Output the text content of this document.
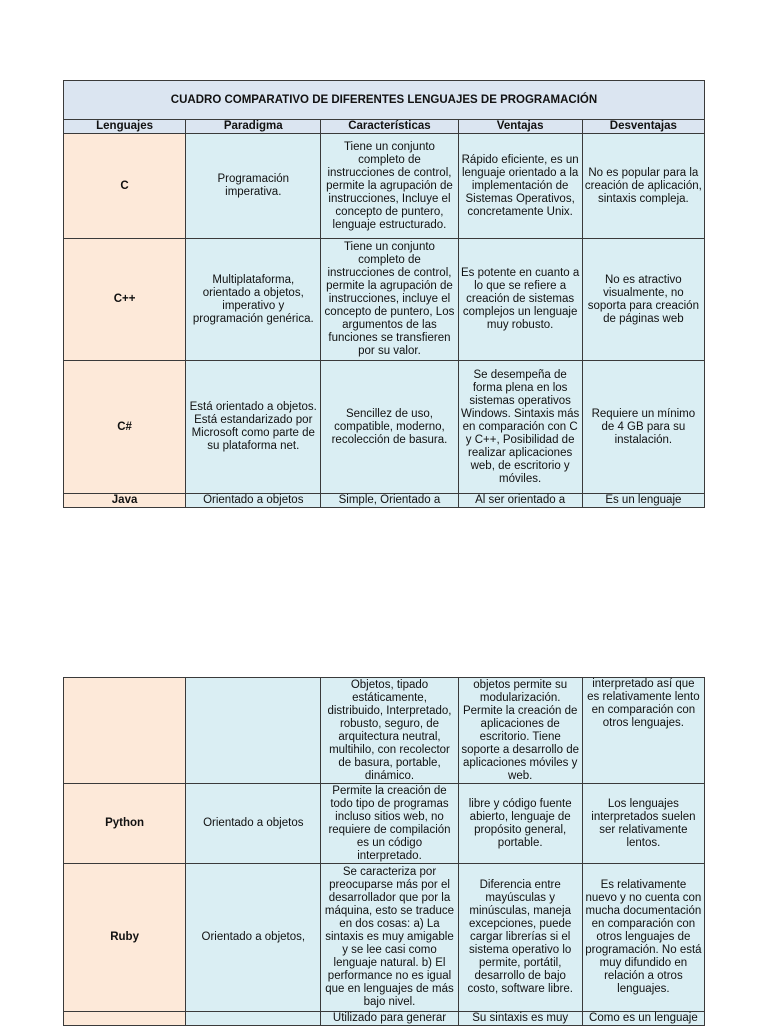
CUADRO COMPARATIVO DE DIFERENTES LENGUAJES DE PROGRAMACIÓN				
Lenguajes	Paradigma	Características	Ventajas	Desventajas
C	Programación imperativa.	Tiene un conjunto completo de instrucciones de control, permite la agrupación de instrucciones, Incluye el concepto de puntero, lenguaje estructurado.	Rápido eficiente, es un lenguaje orientado a la implementación de Sistemas Operativos, concretamente Unix.	No es popular para la creación de aplicación, sintaxis compleja.
C++	Multiplataforma, orientado a objetos, imperativo y programación genérica.	Tiene un conjunto completo de instrucciones de control, permite la agrupación de instrucciones, incluye el concepto de puntero, Los argumentos de las funciones se transfieren por su valor.	Es potente en cuanto a lo que se refiere a creación de sistemas complejos un lenguaje muy robusto.	No es atractivo visualmente, no soporta para creación de páginas web
C#	Está orientado a objetos. Está estandarizado por Microsoft como parte de su plataforma net.	Sencillez de uso, compatible, moderno, recolección de basura.	Se desempeña de forma plena en los sistemas operativos Windows. Sintaxis más en comparación con C y C++, Posibilidad de realizar aplicaciones web, de escritorio y móviles.	Requiere un mínimo de 4 GB para su instalación.
Java	Orientado a objetos	Simple, Orientado a	Al ser orientado a	Es un lenguaje
		Objetos, tipado estáticamente, distribuido, Interpretado, robusto, seguro, de arquitectura neutral, multihilo, con recolector de basura, portable, dinámico.	objetos permite su modularización. Permite la creación de aplicaciones de escritorio. Tiene soporte a desarrollo de aplicaciones móviles y web.	interpretado así que es relativamente lento en comparación con otros lenguajes.
Python	Orientado a objetos	Permite la creación de todo tipo de programas incluso sitios web, no requiere de compilación es un código interpretado.	libre y código fuente abierto, lenguaje de propósito general, portable.	Los lenguajes interpretados suelen ser relativamente lentos.
Ruby	Orientado a objetos,	Se caracteriza por preocuparse más por el desarrollador que por la máquina, esto se traduce en dos cosas: a) La sintaxis es muy amigable y se lee casi como lenguaje natural. b) El performance no es igual que en lenguajes de más bajo nivel.	Diferencia entre mayúsculas y minúsculas, maneja excepciones, puede cargar librerías si el sistema operativo lo permite, portátil, desarrollo de bajo costo, software libre.	Es relativamente nuevo y no cuenta con mucha documentación en comparación con otros lenguajes de programación. No está muy difundido en relación a otros lenguajes.
		Utilizado para generar	Su sintaxis es muy	Como es un lenguaje
